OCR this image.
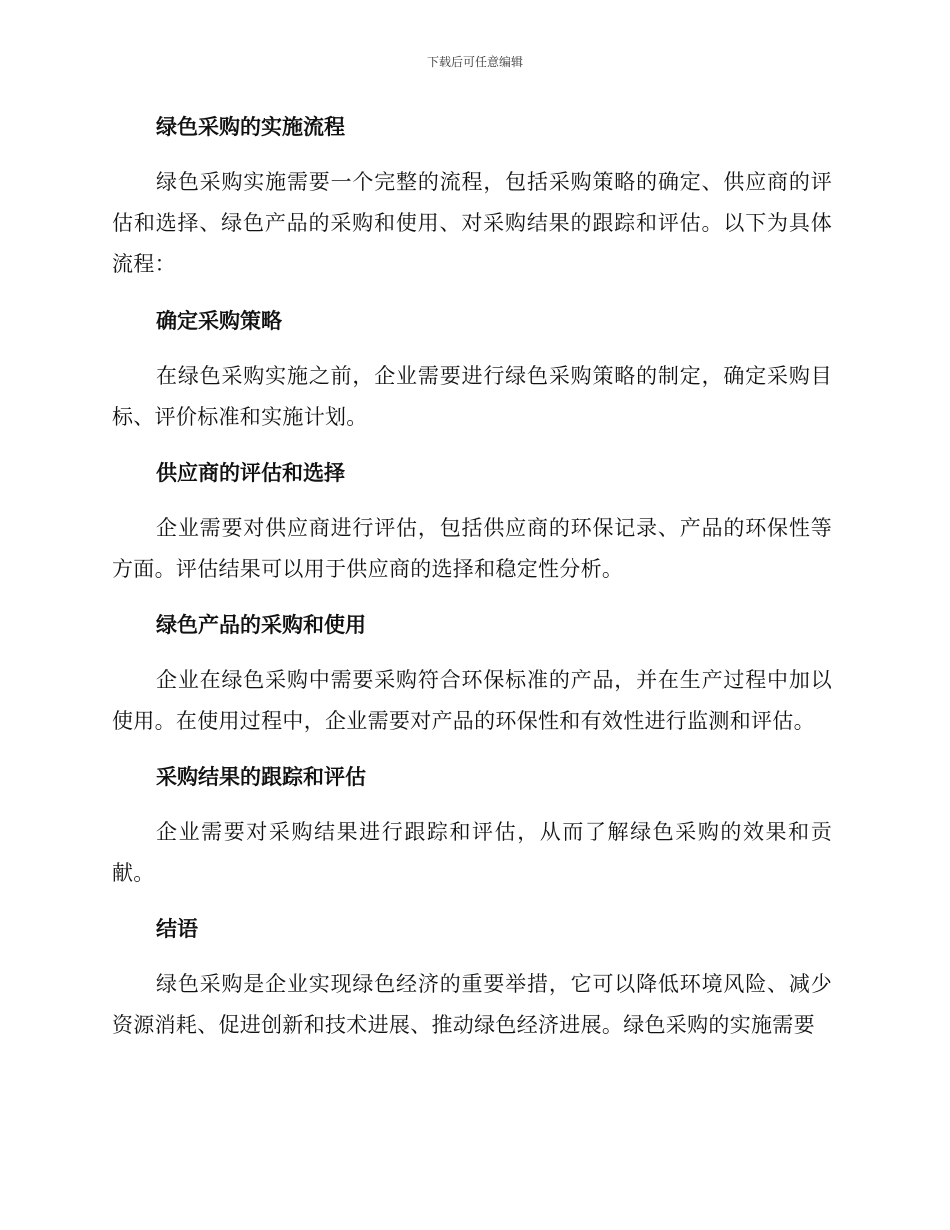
下载后可任意编辑
绿色采购的实施流程

绿色采购实施需要一个完整的流程，包括采购策略的确定、供应商的评估和选择、绿色产品的采购和使用、对采购结果的跟踪和评估。以下为具体流程：

确定采购策略

在绿色采购实施之前，企业需要进行绿色采购策略的制定，确定采购目标、评价标准和实施计划。

供应商的评估和选择

企业需要对供应商进行评估，包括供应商的环保记录、产品的环保性等方面。评估结果可以用于供应商的选择和稳定性分析。

绿色产品的采购和使用

企业在绿色采购中需要采购符合环保标准的产品，并在生产过程中加以使用。在使用过程中，企业需要对产品的环保性和有效性进行监测和评估。

采购结果的跟踪和评估

企业需要对采购结果进行跟踪和评估，从而了解绿色采购的效果和贡献。

结语

绿色采购是企业实现绿色经济的重要举措，它可以降低环境风险、减少资源消耗、促进创新和技术进展、推动绿色经济进展。绿色采购的实施需要
